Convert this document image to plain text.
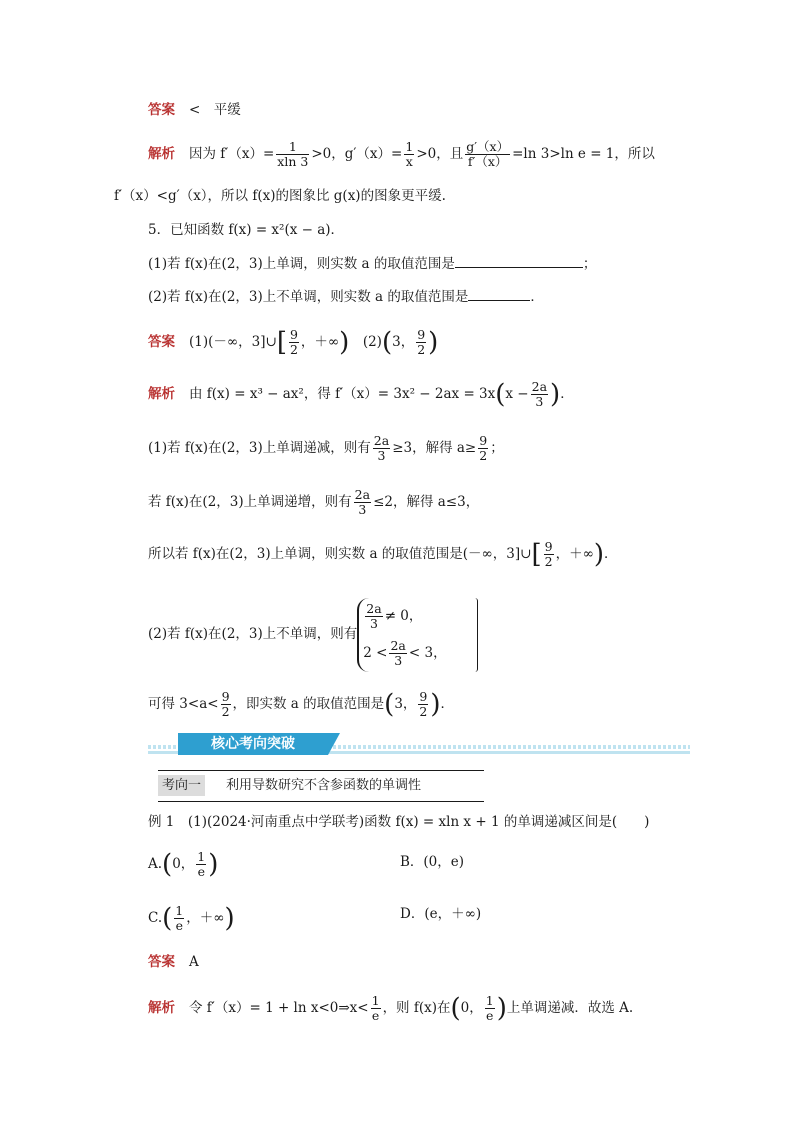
答案 <　平缓
解析 因为 $f'(x)= \frac{1}{xln 3} >0$，$g'(x)= \frac{1}{x} >0$，且 $\frac{g'(x)}{f'(x)} =\ln$ 3>ln e = 1，所以
f′（x）<g′（x），所以 f(x)的图象比 g(x)的图象更平缓.
5．已知函数 f(x) = x²(x − a)．
(1)若 f(x)在(2，3)上单调，则实数 a 的取值范围是	；
(2)若 f(x)在(2，3)上不单调，则实数 a 的取值范围是	．
答案 (1)(－∞，3]∪[ $\frac{9}{2}$ ，＋∞)　 (2)(3， $\frac{9}{2}$ )
解析 由 f(x) = x³ − ax²，得 $f'(x)= 3x^2 - 2ax = 3x(x - \frac{2a}{3}$ )．
(1)若 f(x)在(2，3)上单调递减，则有 $\frac{2a}{3} \ge 3$，解得 $a\ge \frac{9}{2}$ ；
若 f(x)在(2，3)上单调递增，则有 $\frac{2a}{3} \le 2$，解得 a≤3，
所以若 f(x)在(2，3)上单调，则实数 a 的取值范围是(－∞，3]∪[ $\frac{9}{2}$ ，＋∞)．
(2)若 f(x)在(2，3)上不单调，则有
$\frac{2a}{3} \ne 0$，
$2 < \frac{2a}{3} < 3$，
可得 $3<a< \frac{9}{2}$ ，即实数 a 的取值范围是(3， $\frac{9}{2}$ )．
核心考向突破
考向一	利用导数研究不含参函数的单调性
例 1　(1)(2024·河南重点中学联考)函数 f(x) = xln x + 1 的单调递减区间是(　　)
A.(0， $\frac{1}{e}$ )	B．(0，e)
$C.( \frac{1}{e}$ ，＋∞)	D．(e，＋∞)
答案 A
解析 令 f′（x）= 1 + ln x<0⇒x< $\frac{1}{e}$ ，则 f(x)在(0， $\frac{1}{e}$ )上单调递减．故选 A.
